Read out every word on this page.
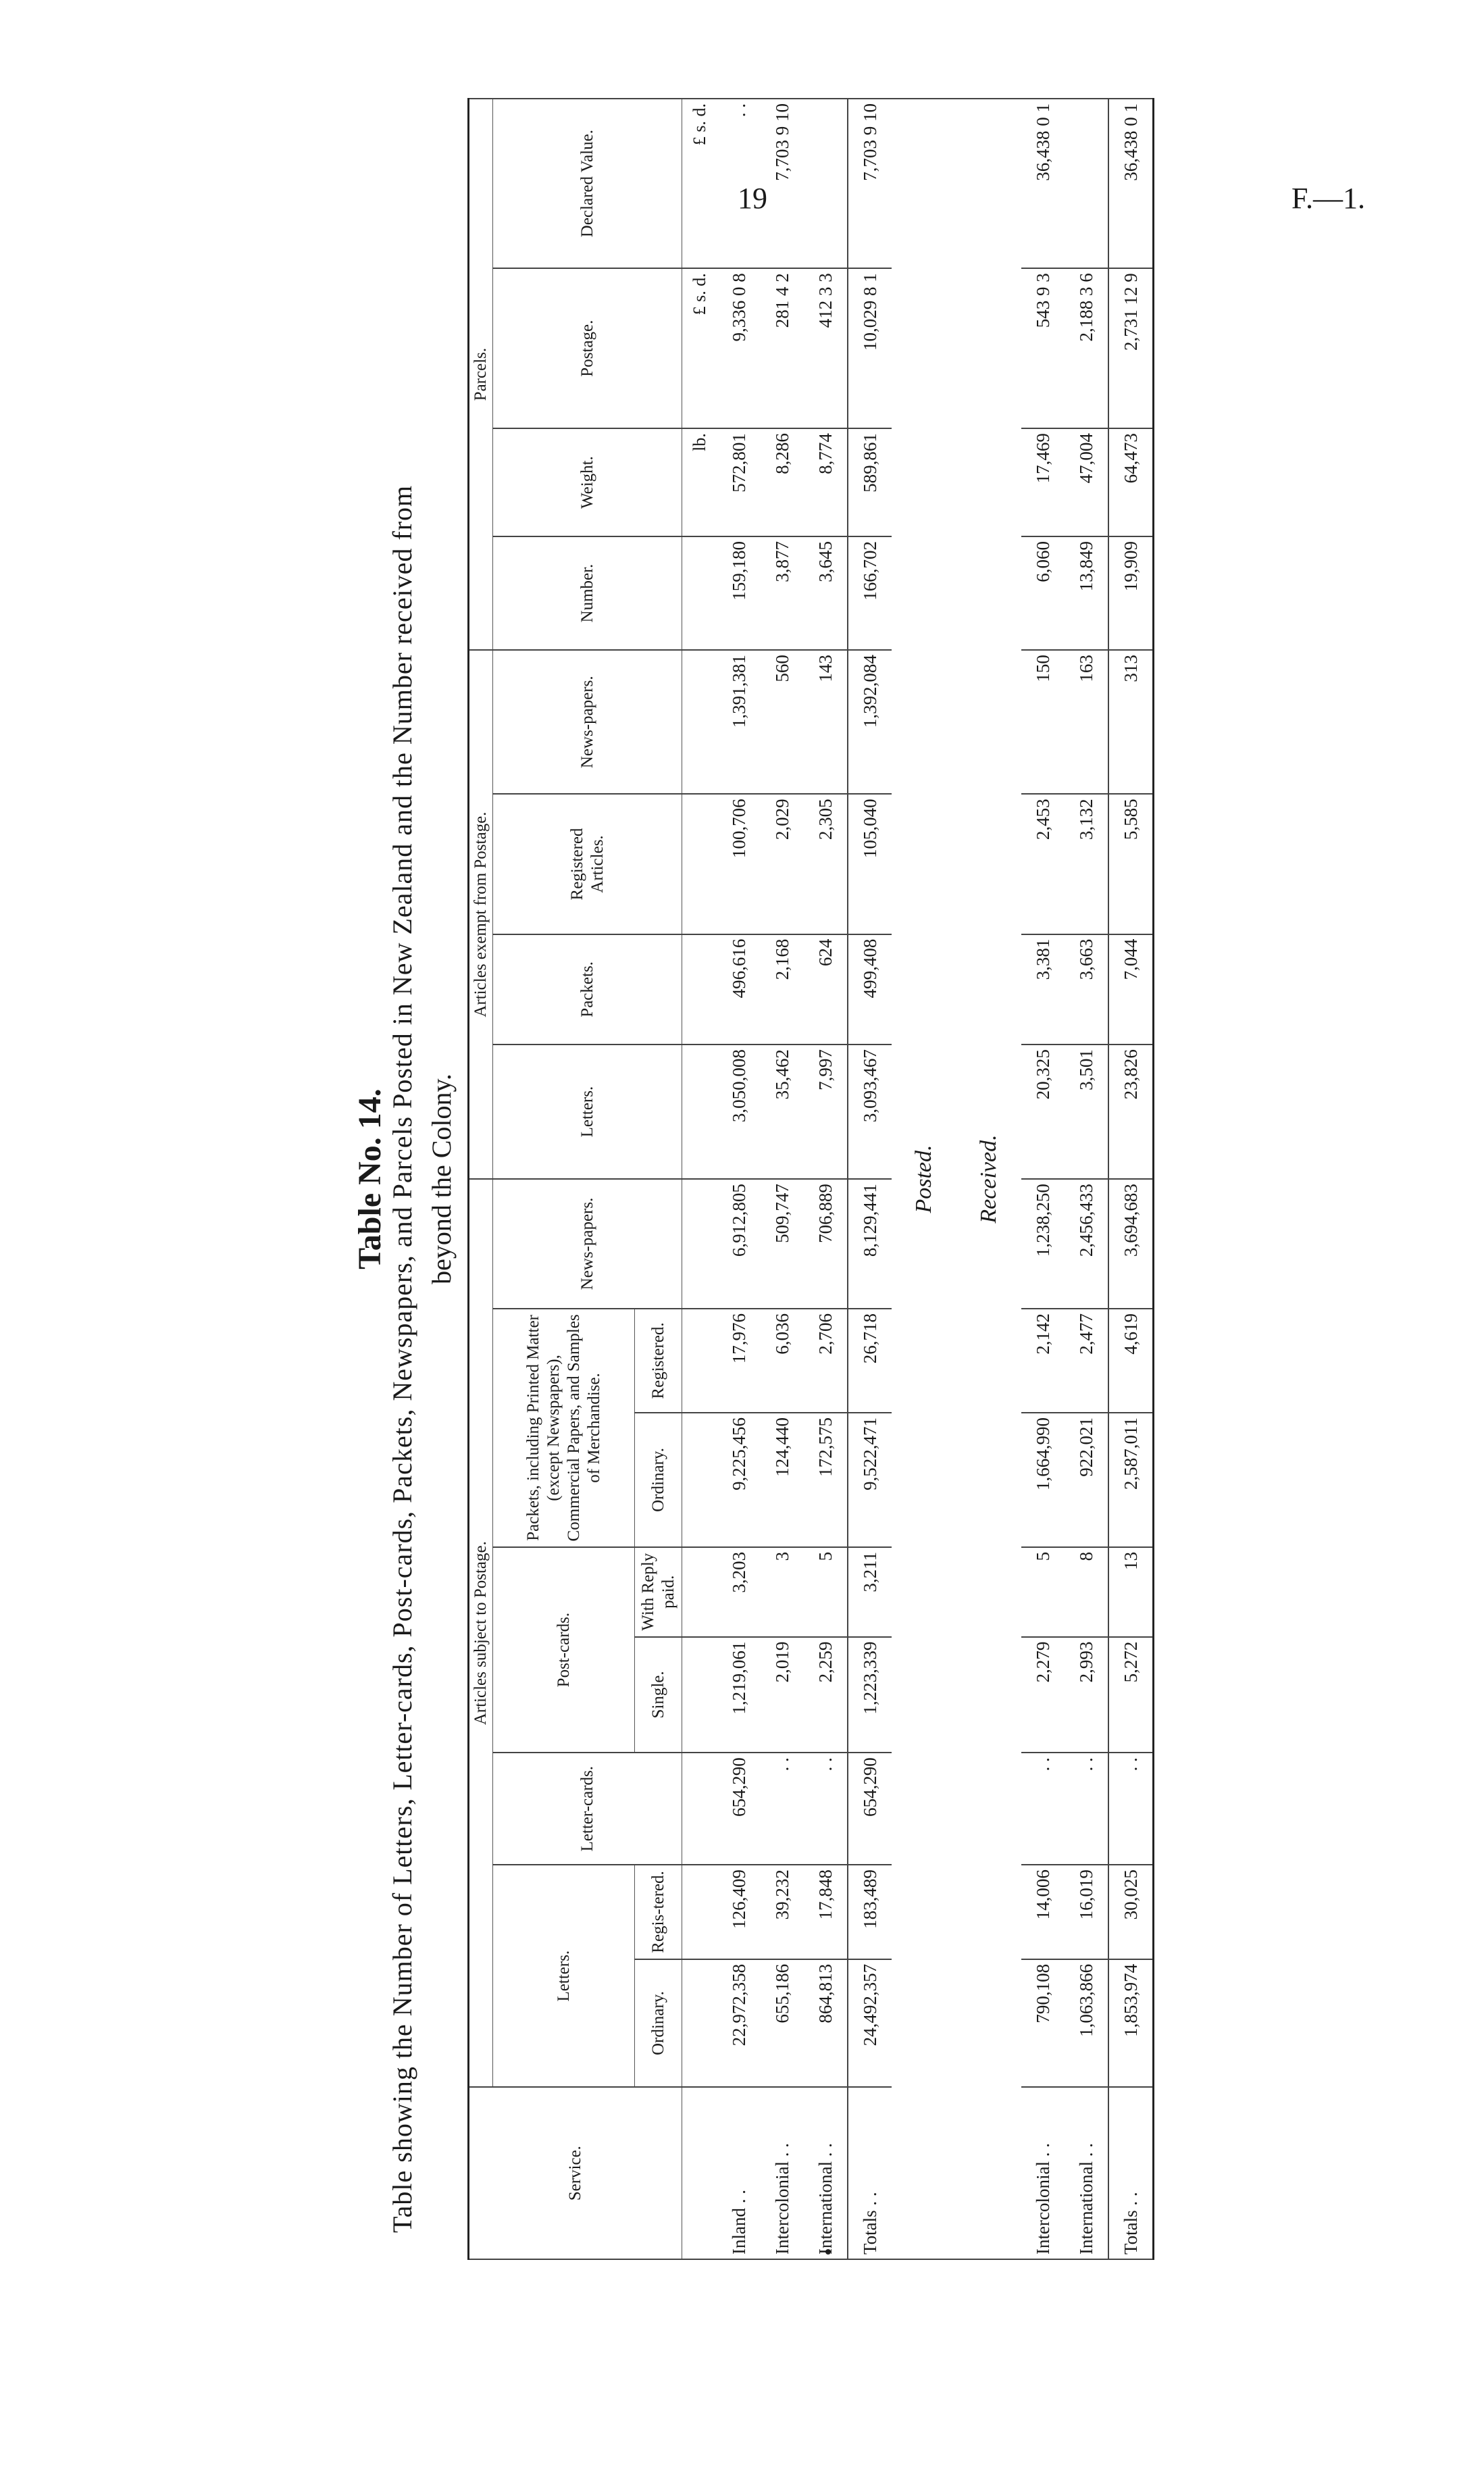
19	F.—1.
Table No. 14. Table showing the Number of Letters, Letter-cards, Post-cards, Packets, Newspapers, and Parcels Posted in New Zealand and the Number received from beyond the Colony.
Service.	Articles subject to Postage.								Articles exempt from Postage.				Parcels.			
	Letters.		Letter-cards.	Post-cards.		Packets, including Printed Matter (except Newspapers), Commercial Papers, and Samples of Merchandise.		News-papers.	Letters.	Packets.	Registered Articles.	News-papers.	Number.	Weight.	Postage.	Declared Value.
	Ordinary.	Regis-tered.		Single.	With Reply paid.	Ordinary.	Registered.									
														lb.	£ s. d.	£ s. d.
Inland . .	22,972,358	126,409	654,290	1,219,061	3,203	9,225,456	17,976	6,912,805	3,050,008	496,616	100,706	1,391,381	159,180	572,801	9,336 0 8	. .
Intercolonial . .	655,186	39,232	. .	2,019	3	124,440	6,036	509,747	35,462	2,168	2,029	560	3,877	8,286	281 4 2	7,703 9 10
International . .	864,813	17,848	. .	2,259	5	172,575	2,706	706,889	7,997	624	2,305	143	3,645	8,774	412 3 3	
Totals . .	24,492,357	183,489	654,290	1,223,339	3,211	9,522,471	26,718	8,129,441	3,093,467	499,408	105,040	1,392,084	166,702	589,861	10,029 8 1	7,703 9 10
Posted.																
Received.																
Intercolonial . .	790,108	14,006	. .	2,279	5	1,664,990	2,142	1,238,250	20,325	3,381	2,453	150	6,060	17,469	543 9 3	36,438 0 1
International . .	1,063,866	16,019	. .	2,993	8	922,021	2,477	2,456,433	3,501	3,663	3,132	163	13,849	47,004	2,188 3 6	
Totals . .	1,853,974	30,025	. .	5,272	13	2,587,011	4,619	3,694,683	23,826	7,044	5,585	313	19,909	64,473	2,731 12 9	36,438 0 1
